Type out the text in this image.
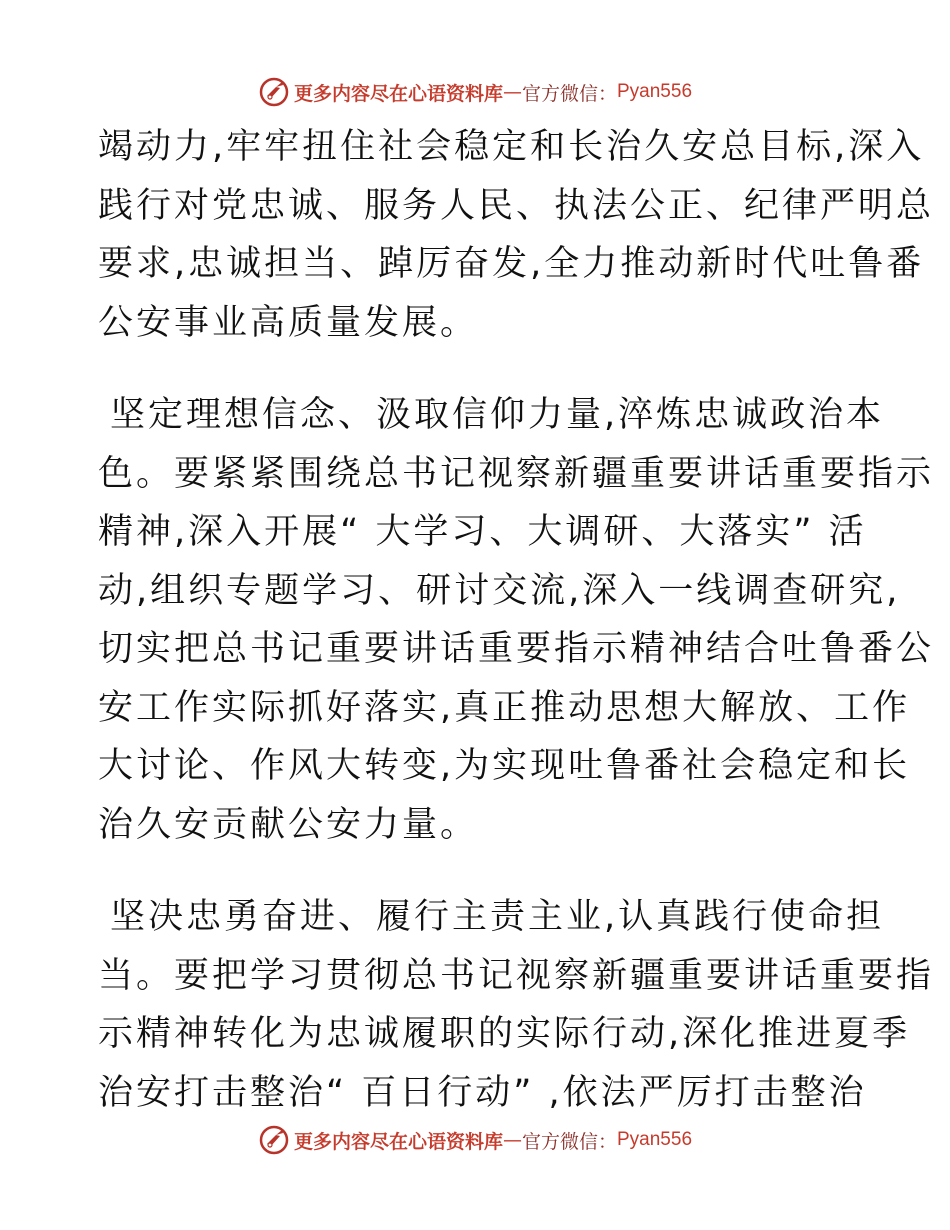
更多内容尽在心语资料库 — 官方微信： Pyan556
竭动力,牢牢扭住社会稳定和长治久安总目标,深入
践行对党忠诚、服务人民、执法公正、纪律严明总
要求,忠诚担当、踔厉奋发,全力推动新时代吐鲁番
公安事业高质量发展。
坚定理想信念、汲取信仰力量,淬炼忠诚政治本
色。要紧紧围绕总书记视察新疆重要讲话重要指示
精神,深入开展“ 大学习、大调研、大落实” 活
动,组织专题学习、研讨交流,深入一线调查研究,
切实把总书记重要讲话重要指示精神结合吐鲁番公
安工作实际抓好落实,真正推动思想大解放、工作
大讨论、作风大转变,为实现吐鲁番社会稳定和长
治久安贡献公安力量。
坚决忠勇奋进、履行主责主业,认真践行使命担
当。要把学习贯彻总书记视察新疆重要讲话重要指
示精神转化为忠诚履职的实际行动,深化推进夏季
治安打击整治“ 百日行动” ,依法严厉打击整治
更多内容尽在心语资料库 — 官方微信： Pyan556
